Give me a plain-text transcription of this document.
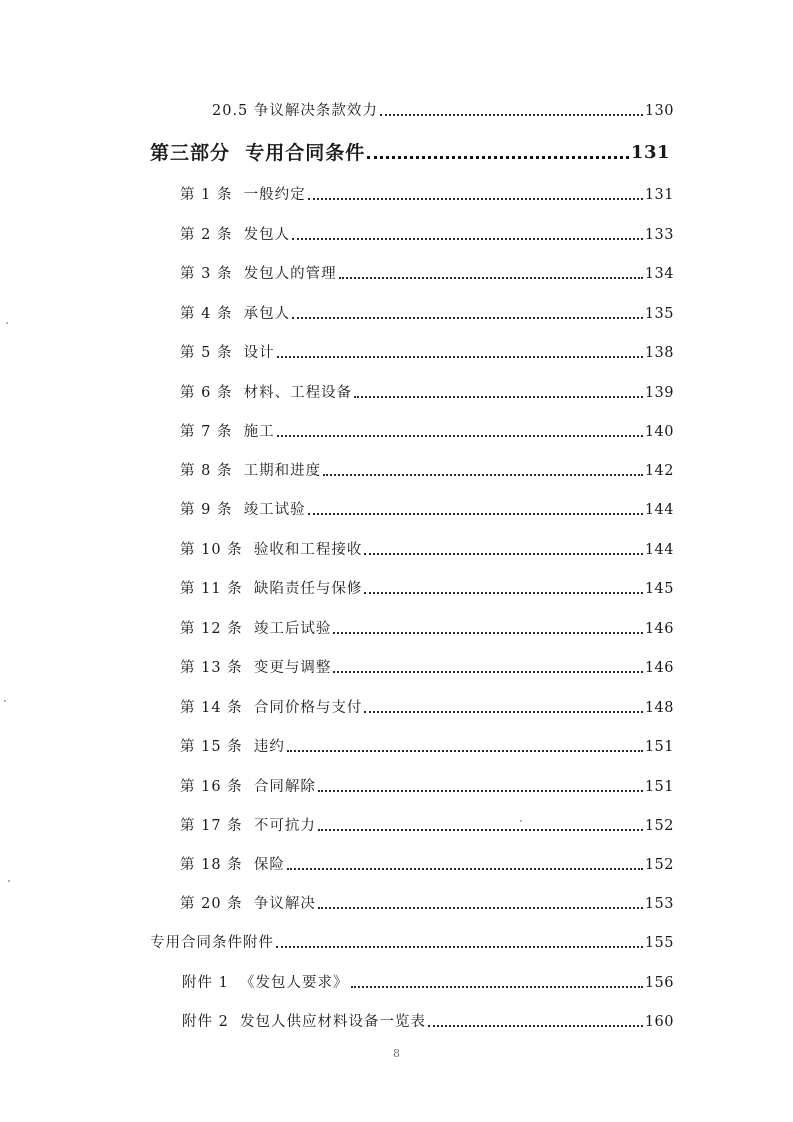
20.5 争议解决条款效力	130
第三部分  专用合同条件	131
第 1 条  一般约定	131
第 2 条  发包人	133
第 3 条  发包人的管理	134
第 4 条  承包人	135
第 5 条  设计	138
第 6 条  材料、工程设备	139
第 7 条  施工	140
第 8 条  工期和进度	142
第 9 条  竣工试验	144
第 10 条  验收和工程接收	144
第 11 条  缺陷责任与保修	145
第 12 条  竣工后试验	146
第 13 条  变更与调整	146
第 14 条  合同价格与支付	148
第 15 条  违约	151
第 16 条  合同解除	151
第 17 条  不可抗力	152
第 18 条  保险	152
第 20 条  争议解决	153
专用合同条件附件	155
附件 1  《发包人要求》	156
附件 2  发包人供应材料设备一览表	160
8
